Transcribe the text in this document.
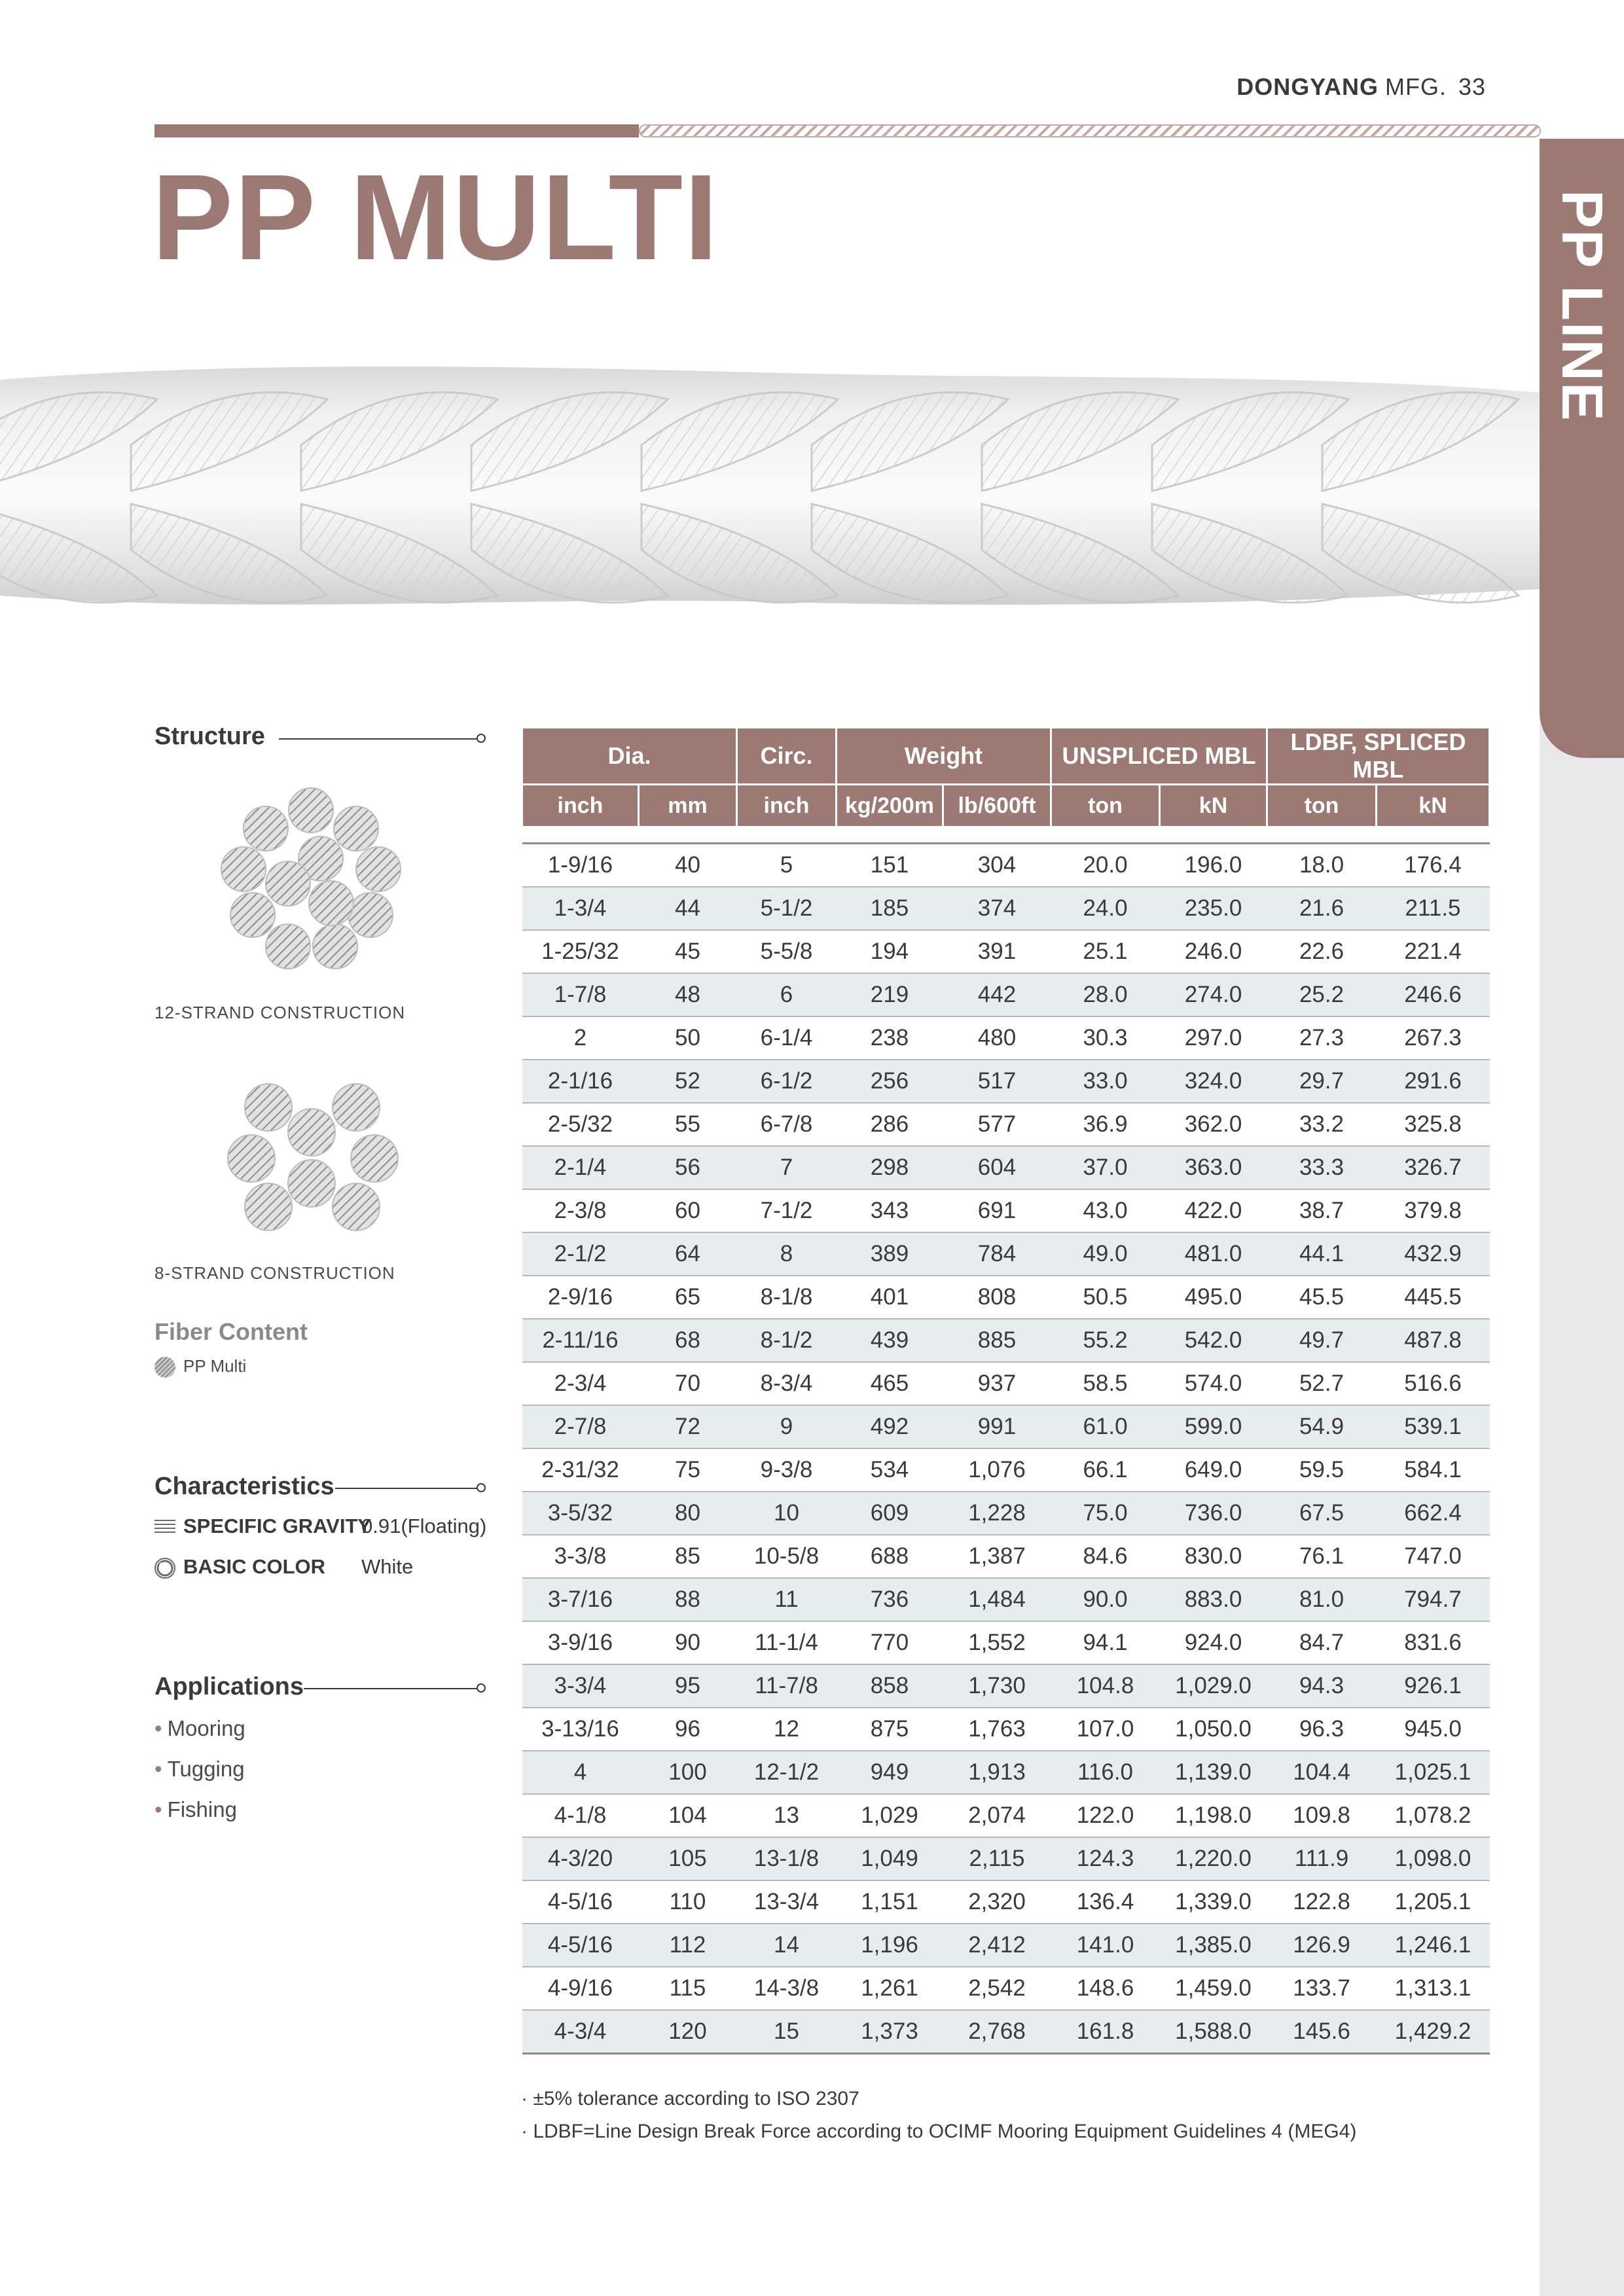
DONGYANG MFG. 33
PP MULTI	PP LINE
Structure
12-STRAND CONSTRUCTION
8-STRAND CONSTRUCTION
Fiber Content
PP Multi
Characteristics
SPECIFIC GRAVITY
0.91(Floating)
BASIC COLOR White
Applications
• Mooring
• Tugging
• Fishing
Dia.		Circ.	Weight		UNSPLICED MBL		LDBF, SPLICED MBL	
inch	mm	inch	kg/200m	lb/600ft	ton	kN	ton	kN

1-9/16	40	5	151	304	20.0	196.0	18.0	176.4
1-3/4	44	5-1/2	185	374	24.0	235.0	21.6	211.5
1-25/32	45	5-5/8	194	391	25.1	246.0	22.6	221.4
1-7/8	48	6	219	442	28.0	274.0	25.2	246.6
2	50	6-1/4	238	480	30.3	297.0	27.3	267.3
2-1/16	52	6-1/2	256	517	33.0	324.0	29.7	291.6
2-5/32	55	6-7/8	286	577	36.9	362.0	33.2	325.8
2-1/4	56	7	298	604	37.0	363.0	33.3	326.7
2-3/8	60	7-1/2	343	691	43.0	422.0	38.7	379.8
2-1/2	64	8	389	784	49.0	481.0	44.1	432.9
2-9/16	65	8-1/8	401	808	50.5	495.0	45.5	445.5
2-11/16	68	8-1/2	439	885	55.2	542.0	49.7	487.8
2-3/4	70	8-3/4	465	937	58.5	574.0	52.7	516.6
2-7/8	72	9	492	991	61.0	599.0	54.9	539.1
2-31/32	75	9-3/8	534	1,076	66.1	649.0	59.5	584.1
3-5/32	80	10	609	1,228	75.0	736.0	67.5	662.4
3-3/8	85	10-5/8	688	1,387	84.6	830.0	76.1	747.0
3-7/16	88	11	736	1,484	90.0	883.0	81.0	794.7
3-9/16	90	11-1/4	770	1,552	94.1	924.0	84.7	831.6
3-3/4	95	11-7/8	858	1,730	104.8	1,029.0	94.3	926.1
3-13/16	96	12	875	1,763	107.0	1,050.0	96.3	945.0
4	100	12-1/2	949	1,913	116.0	1,139.0	104.4	1,025.1
4-1/8	104	13	1,029	2,074	122.0	1,198.0	109.8	1,078.2
4-3/20	105	13-1/8	1,049	2,115	124.3	1,220.0	111.9	1,098.0
4-5/16	110	13-3/4	1,151	2,320	136.4	1,339.0	122.8	1,205.1
4-5/16	112	14	1,196	2,412	141.0	1,385.0	126.9	1,246.1
4-9/16	115	14-3/8	1,261	2,542	148.6	1,459.0	133.7	1,313.1
4-3/4	120	15	1,373	2,768	161.8	1,588.0	145.6	1,429.2
· ±5% tolerance according to ISO 2307
· LDBF=Line Design Break Force according to OCIMF Mooring Equipment Guidelines 4 (MEG4)
